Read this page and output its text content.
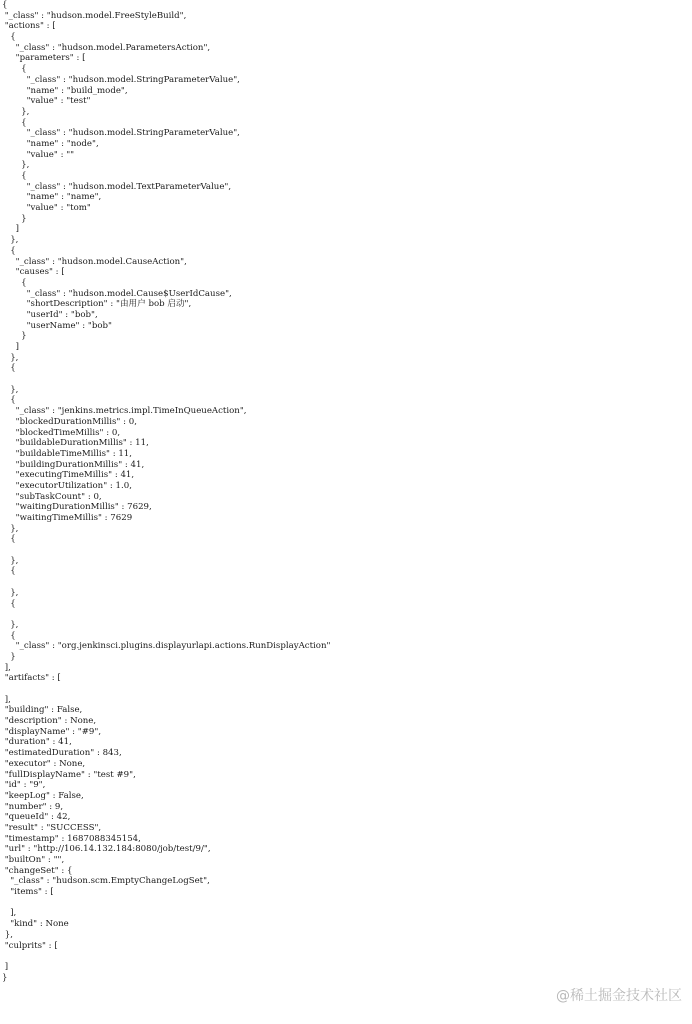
{
"_class" : "hudson.model.FreeStyleBuild",
"actions" : [
{
"_class" : "hudson.model.ParametersAction",
"parameters" : [
{
"_class" : "hudson.model.StringParameterValue",
"name" : "build_mode",
"value" : "test"
},
{
"_class" : "hudson.model.StringParameterValue",
"name" : "node",
"value" : ""
},
{
"_class" : "hudson.model.TextParameterValue",
"name" : "name",
"value" : "tom"
}
]
},
{
"_class" : "hudson.model.CauseAction",
"causes" : [
{
"_class" : "hudson.model.Cause$UserIdCause",
"shortDescription" : "由用户 bob 启动",
"userId" : "bob",
"userName" : "bob"
}
]
},
{
},
{
"_class" : "jenkins.metrics.impl.TimeInQueueAction",
"blockedDurationMillis" : 0,
"blockedTimeMillis" : 0,
"buildableDurationMillis" : 11,
"buildableTimeMillis" : 11,
"buildingDurationMillis" : 41,
"executingTimeMillis" : 41,
"executorUtilization" : 1.0,
"subTaskCount" : 0,
"waitingDurationMillis" : 7629,
"waitingTimeMillis" : 7629
},
{
},
{
},
{
},
{
"_class" : "org.jenkinsci.plugins.displayurlapi.actions.RunDisplayAction"
}
],
"artifacts" : [
],
"building" : False,
"description" : None,
"displayName" : "#9",
"duration" : 41,
"estimatedDuration" : 843,
"executor" : None,
"fullDisplayName" : "test #9",
"id" : "9",
"keepLog" : False,
"number" : 9,
"queueId" : 42,
"result" : "SUCCESS",
"timestamp" : 1687088345154,
"url" : "http://106.14.132.184:8080/job/test/9/",
"builtOn" : "",
"changeSet" : {
"_class" : "hudson.scm.EmptyChangeLogSet",
"items" : [
],
"kind" : None
},
"culprits" : [
]
}
@稀土掘金技术社区
